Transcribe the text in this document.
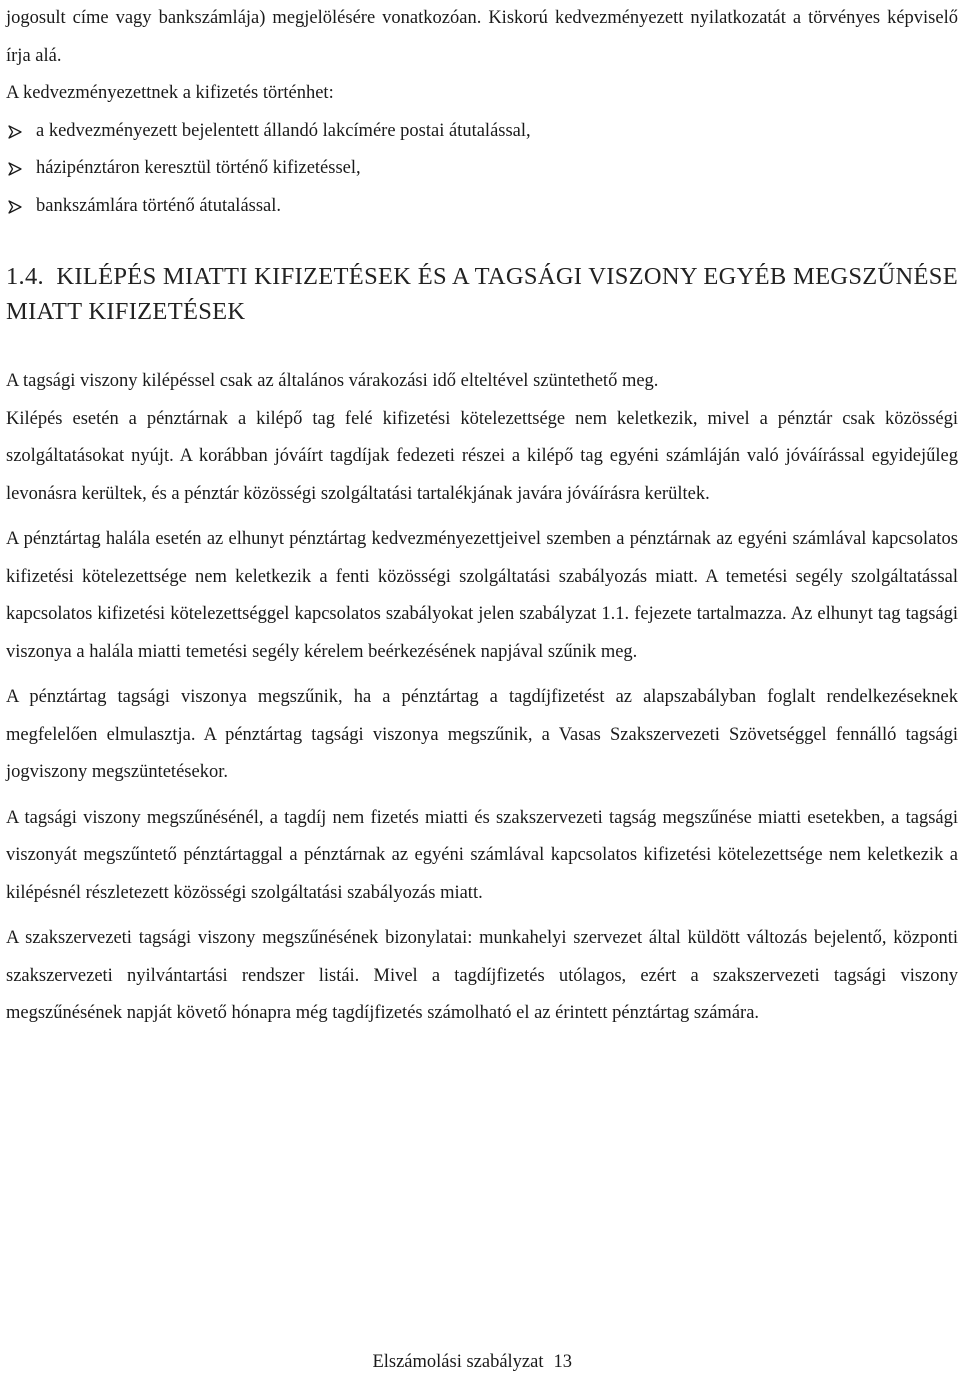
jogosult címe vagy bankszámlája) megjelölésére vonatkozóan. Kiskorú kedvezményezett nyilatkozatát a törvényes képviselő írja alá.

A kedvezményezettnek a kifizetés történhet:

a kedvezményezett bejelentett állandó lakcímére postai átutalással,
házipénztáron keresztül történő kifizetéssel,
bankszámlára történő átutalással.
1.4. KILÉPÉS MIATTI KIFIZETÉSEK ÉS A TAGSÁGI VISZONY EGYÉB MEGSZŰNÉSE MIATT KIFIZETÉSEK

A tagsági viszony kilépéssel csak az általános várakozási idő elteltével szüntethető meg.

Kilépés esetén a pénztárnak a kilépő tag felé kifizetési kötelezettsége nem keletkezik, mivel a pénztár csak közösségi szolgáltatásokat nyújt. A korábban jóváírt tagdíjak fedezeti részei a kilépő tag egyéni számláján való jóváírással egyidejűleg levonásra kerültek, és a pénztár közösségi szolgáltatási tartalékjának javára jóváírásra kerültek.

A pénztártag halála esetén az elhunyt pénztártag kedvezményezettjeivel szemben a pénztárnak az egyéni számlával kapcsolatos kifizetési kötelezettsége nem keletkezik a fenti közösségi szolgáltatási szabályozás miatt. A temetési segély szolgáltatással kapcsolatos kifizetési kötelezettséggel kapcsolatos szabályokat jelen szabályzat 1.1. fejezete tartalmazza. Az elhunyt tag tagsági viszonya a halála miatti temetési segély kérelem beérkezésének napjával szűnik meg.

A pénztártag tagsági viszonya megszűnik, ha a pénztártag a tagdíjfizetést az alapszabályban foglalt rendelkezéseknek megfelelően elmulasztja. A pénztártag tagsági viszonya megszűnik, a Vasas Szakszervezeti Szövetséggel fennálló tagsági jogviszony megszüntetésekor.

A tagsági viszony megszűnésénél, a tagdíj nem fizetés miatti és szakszervezeti tagság megszűnése miatti esetekben, a tagsági viszonyát megszűntető pénztártaggal a pénztárnak az egyéni számlával kapcsolatos kifizetési kötelezettsége nem keletkezik a kilépésnél részletezett közösségi szolgáltatási szabályozás miatt.

A szakszervezeti tagsági viszony megszűnésének bizonylatai: munkahelyi szervezet által küldött változás bejelentő, központi szakszervezeti nyilvántartási rendszer listái. Mivel a tagdíjfizetés utólagos, ezért a szakszervezeti tagsági viszony megszűnésének napját követő hónapra még tagdíjfizetés számolható el az érintett pénztártag számára.

Elszámolási szabályzat 13
